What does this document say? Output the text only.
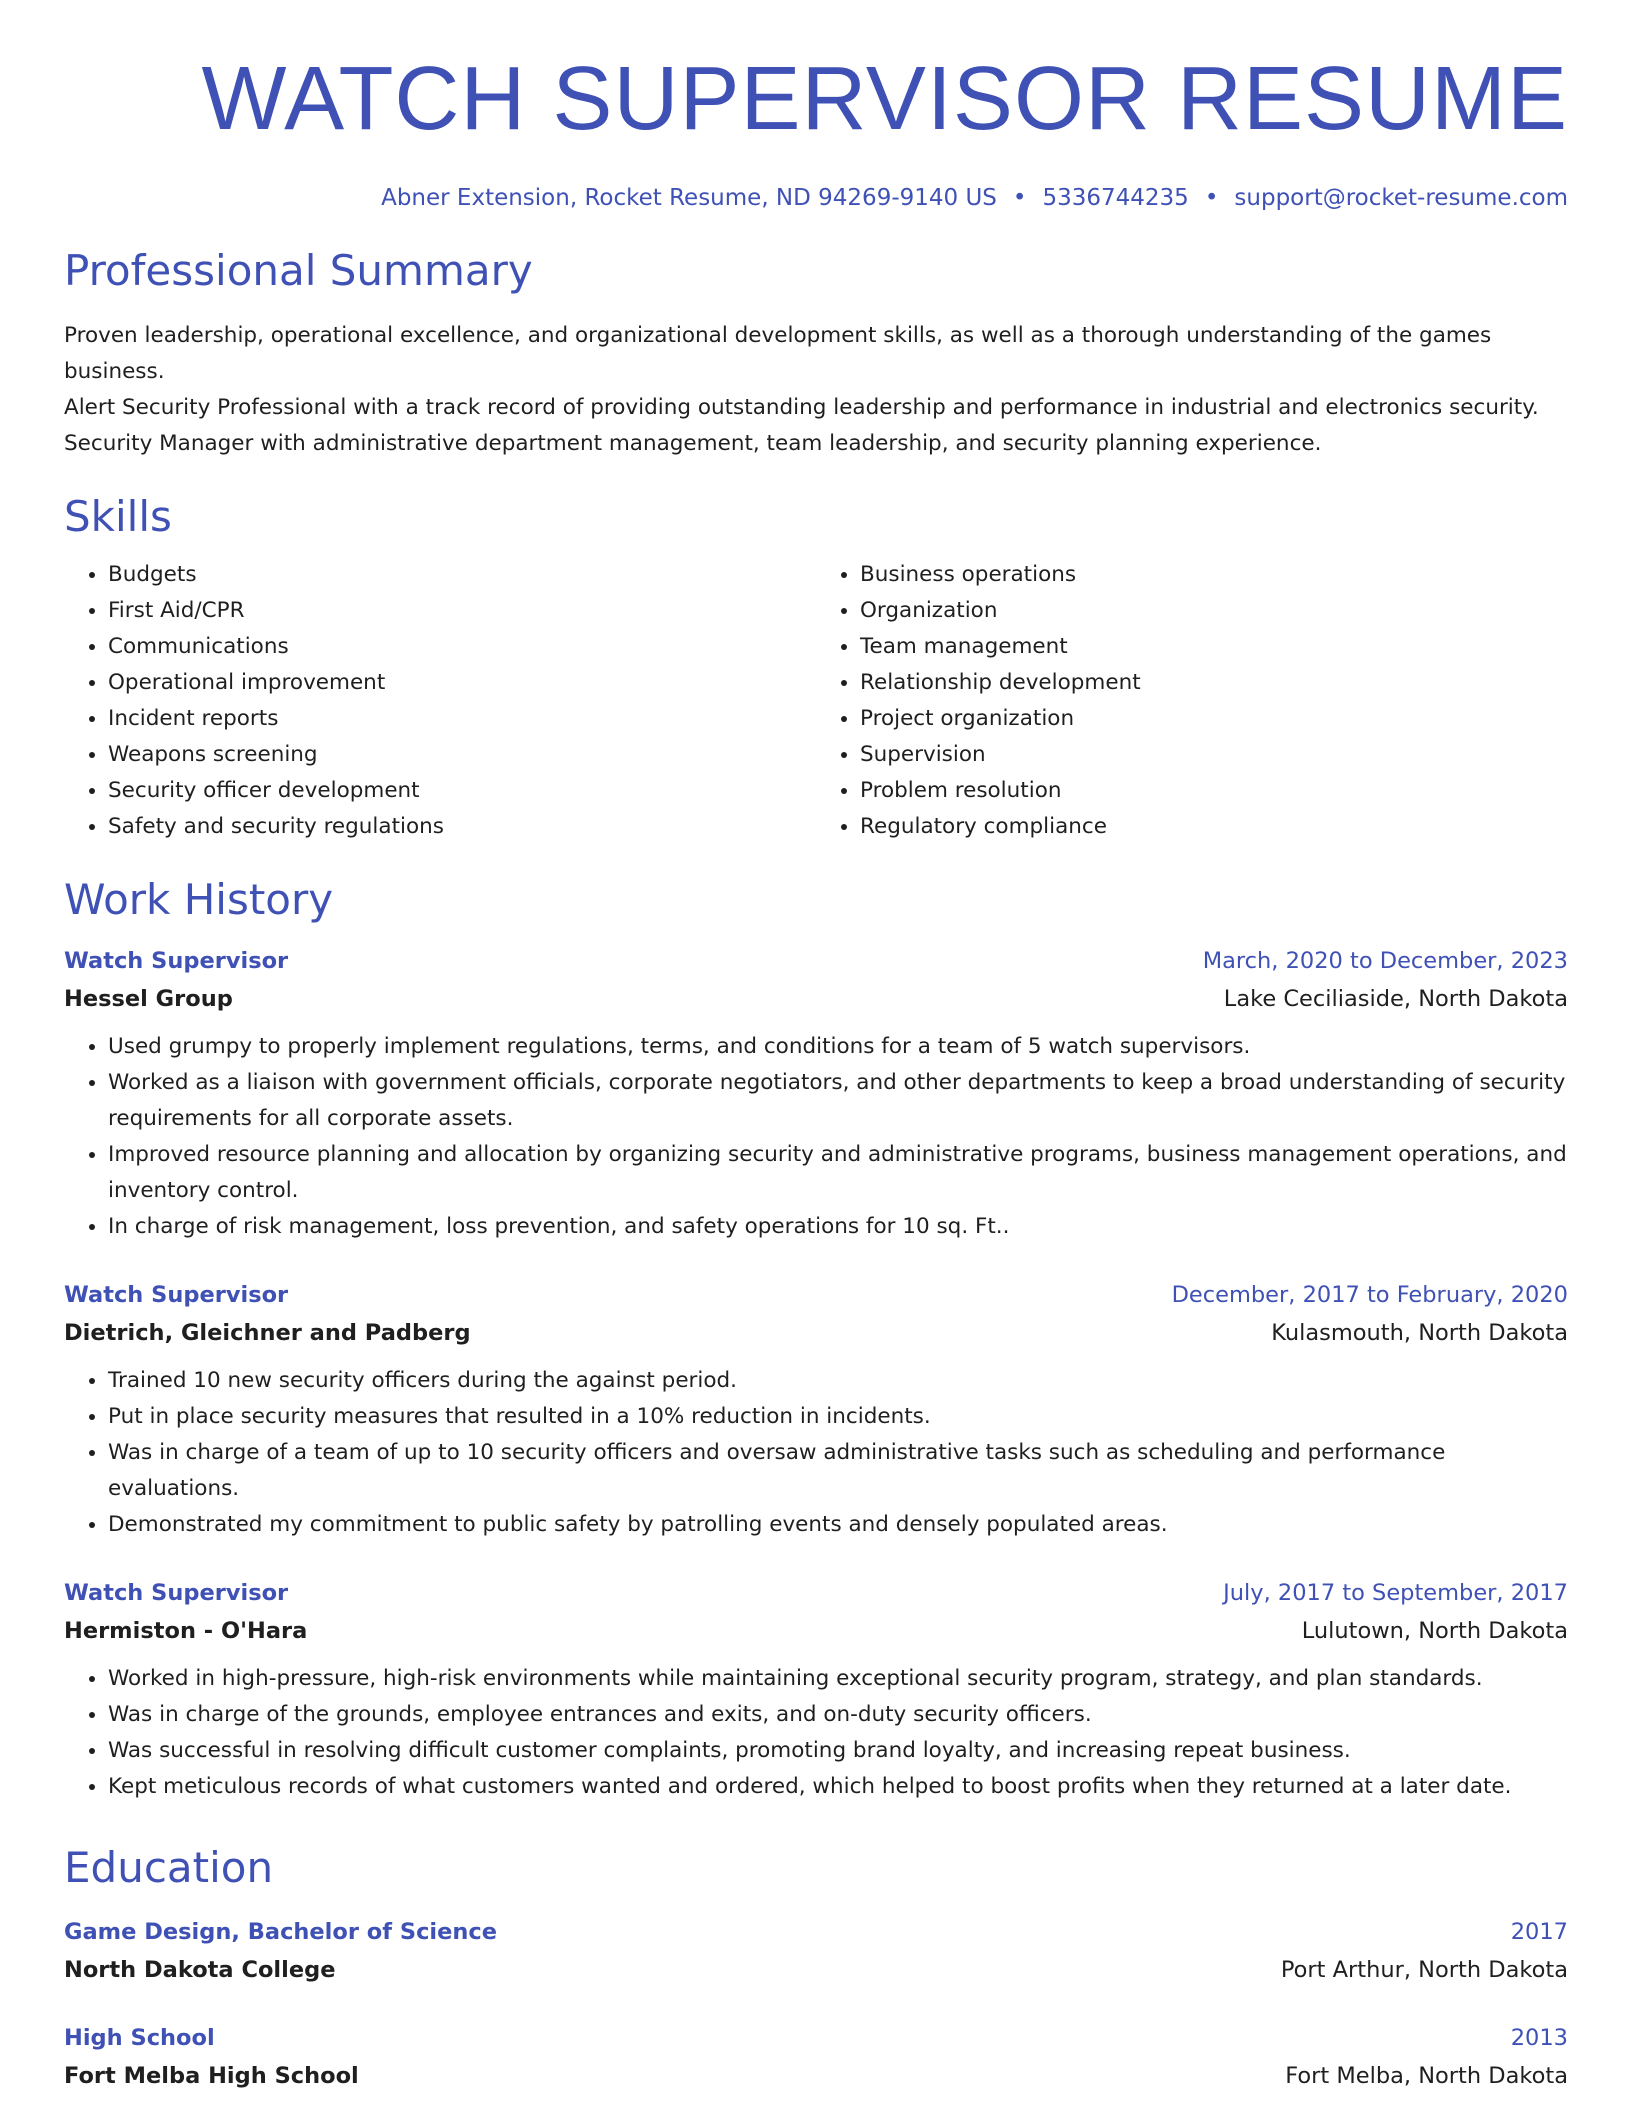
WATCH SUPERVISOR RESUME
Abner Extension, Rocket Resume, ND 94269-9140 US • 5336744235 • support@rocket-resume.com
Professional Summary
Proven leadership, operational excellence, and organizational development skills, as well as a thorough understanding of the games business.
Alert Security Professional with a track record of providing outstanding leadership and performance in industrial and electronics security.
Security Manager with administrative department management, team leadership, and security planning experience.
Skills
• Budgets
• First Aid/CPR
• Communications
• Operational improvement
• Incident reports
• Weapons screening
• Security officer development
• Safety and security regulations
• Business operations
• Organization
• Team management
• Relationship development
• Project organization
• Supervision
• Problem resolution
• Regulatory compliance
Work History
Watch Supervisor	March, 2020 to December, 2023
Hessel Group	Lake Ceciliaside, North Dakota
• Used grumpy to properly implement regulations, terms, and conditions for a team of 5 watch supervisors.
• Worked as a liaison with government officials, corporate negotiators, and other departments to keep a broad understanding of security requirements for all corporate assets.
• Improved resource planning and allocation by organizing security and administrative programs, business management operations, and inventory control.
• In charge of risk management, loss prevention, and safety operations for 10 sq. Ft..
Watch Supervisor	December, 2017 to February, 2020
Dietrich, Gleichner and Padberg	Kulasmouth, North Dakota
• Trained 10 new security officers during the against period.
• Put in place security measures that resulted in a 10% reduction in incidents.
• Was in charge of a team of up to 10 security officers and oversaw administrative tasks such as scheduling and performance evaluations.
• Demonstrated my commitment to public safety by patrolling events and densely populated areas.
Watch Supervisor	July, 2017 to September, 2017
Hermiston - O'Hara	Lulutown, North Dakota
• Worked in high-pressure, high-risk environments while maintaining exceptional security program, strategy, and plan standards.
• Was in charge of the grounds, employee entrances and exits, and on-duty security officers.
• Was successful in resolving difficult customer complaints, promoting brand loyalty, and increasing repeat business.
• Kept meticulous records of what customers wanted and ordered, which helped to boost profits when they returned at a later date.
Education
Game Design, Bachelor of Science	2017
North Dakota College	Port Arthur, North Dakota
High School	2013
Fort Melba High School	Fort Melba, North Dakota
